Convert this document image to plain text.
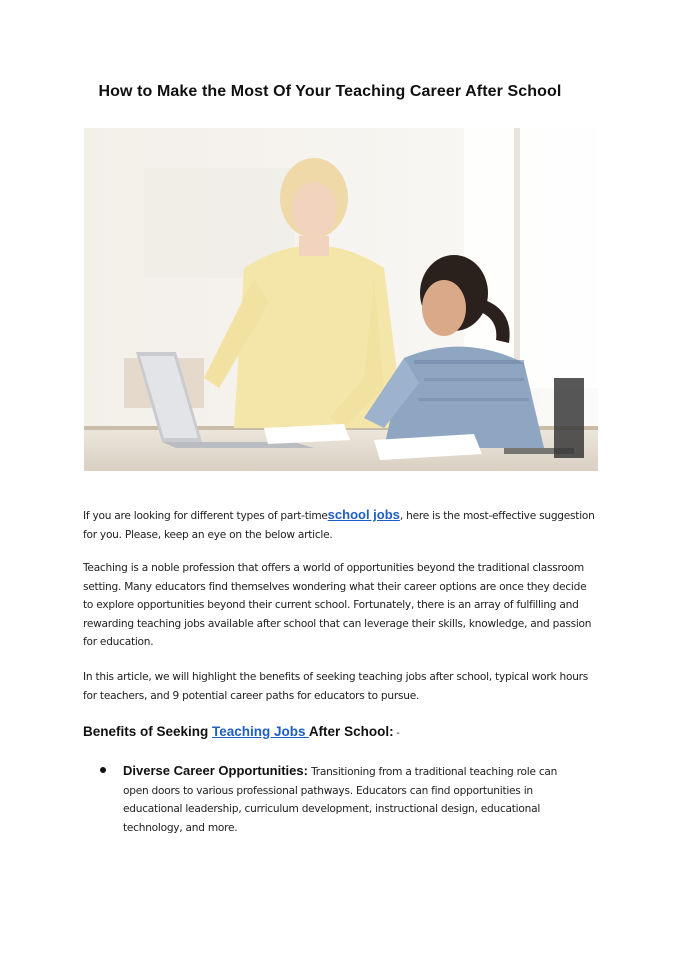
How to Make the Most Of Your Teaching Career After School
If you are looking for different types of part-timeschool jobs, here is the most-effective suggestion for you. Please, keep an eye on the below article.
Teaching is a noble profession that offers a world of opportunities beyond the traditional classroom setting. Many educators find themselves wondering what their career options are once they decide to explore opportunities beyond their current school. Fortunately, there is an array of fulfilling and rewarding teaching jobs available after school that can leverage their skills, knowledge, and passion for education.
In this article, we will highlight the benefits of seeking teaching jobs after school, typical work hours for teachers, and 9 potential career paths for educators to pursue.
Benefits of Seeking Teaching Jobs After School: -
Diverse Career Opportunities: Transitioning from a traditional teaching role can open doors to various professional pathways. Educators can find opportunities in educational leadership, curriculum development, instructional design, educational technology, and more.
